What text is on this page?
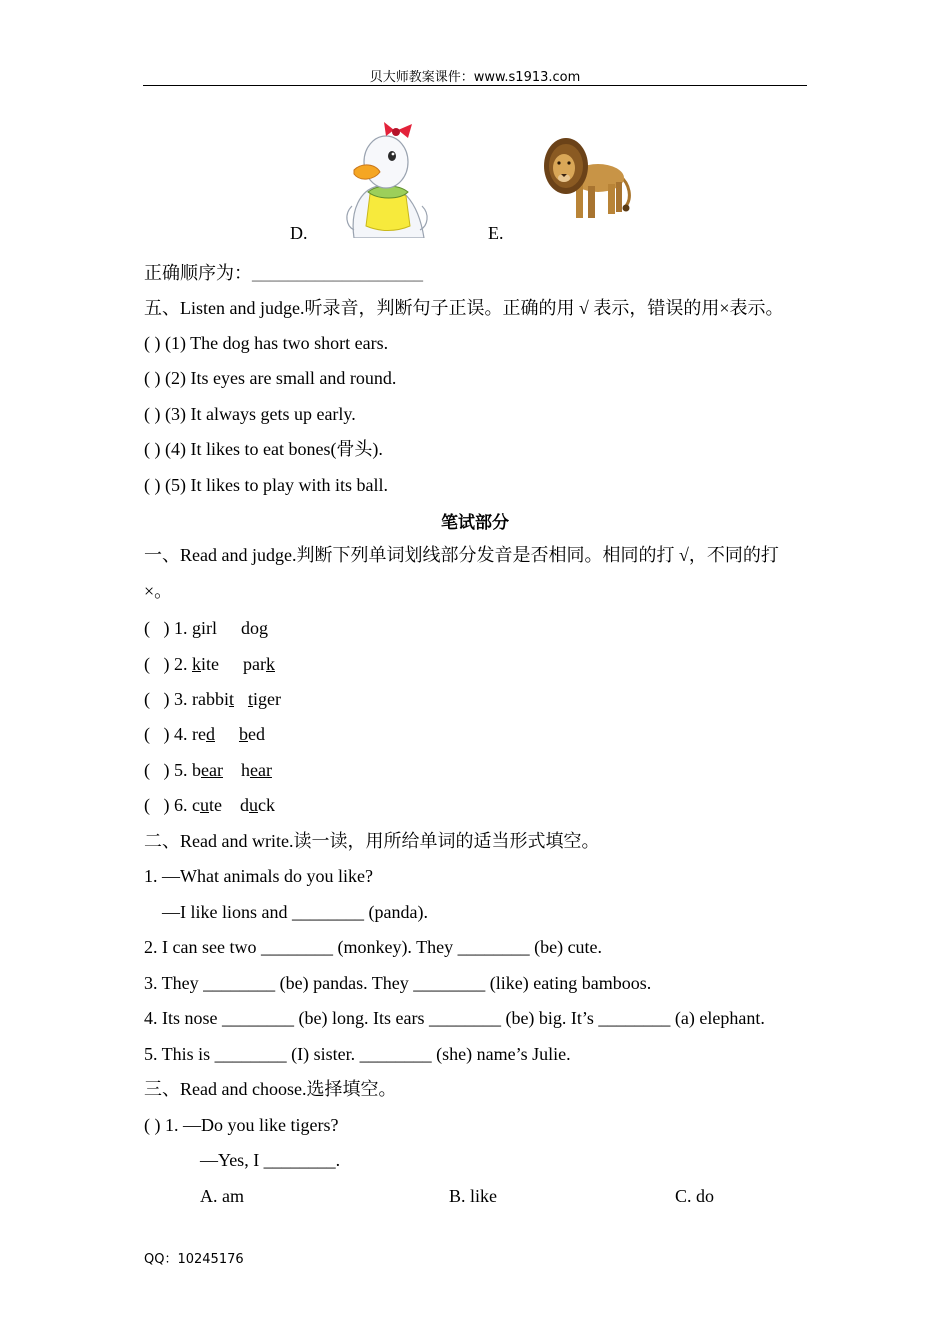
贝大师教案课件：www.s1913.com
D.	E.
正确顺序为：___________________
五、Listen and judge.听录音，判断句子正误。正确的用 √ 表示，错误的用×表示。
( ) (1) The dog has two short ears.
( ) (2) Its eyes are small and round.
( ) (3) It always gets up early.
( ) (4) It likes to eat bones(骨头).
( ) (5) It likes to play with its ball.
笔试部分
一、Read and judge.判断下列单词划线部分发音是否相同。相同的打 √，不同的打
×。
(   ) 1. girl dog
(   ) 2. kite park
(   ) 3. rabbit tiger
(   ) 4. red bed
(   ) 5. bear hear
(   ) 6. cute duck
二、Read and write.读一读，用所给单词的适当形式填空。
1. —What animals do you like?
—I like lions and ________ (panda).
2. I can see two ________ (monkey). They ________ (be) cute.
3. They ________ (be) pandas. They ________ (like) eating bamboos.
4. Its nose ________ (be) long. Its ears ________ (be) big. It’s ________ (a) elephant.
5. This is ________ (I) sister. ________ (she) name’s Julie.
三、Read and choose.选择填空。
( ) 1. —Do you like tigers?
—Yes, I ________.
A. am	B. like	C. do
QQ：10245176
